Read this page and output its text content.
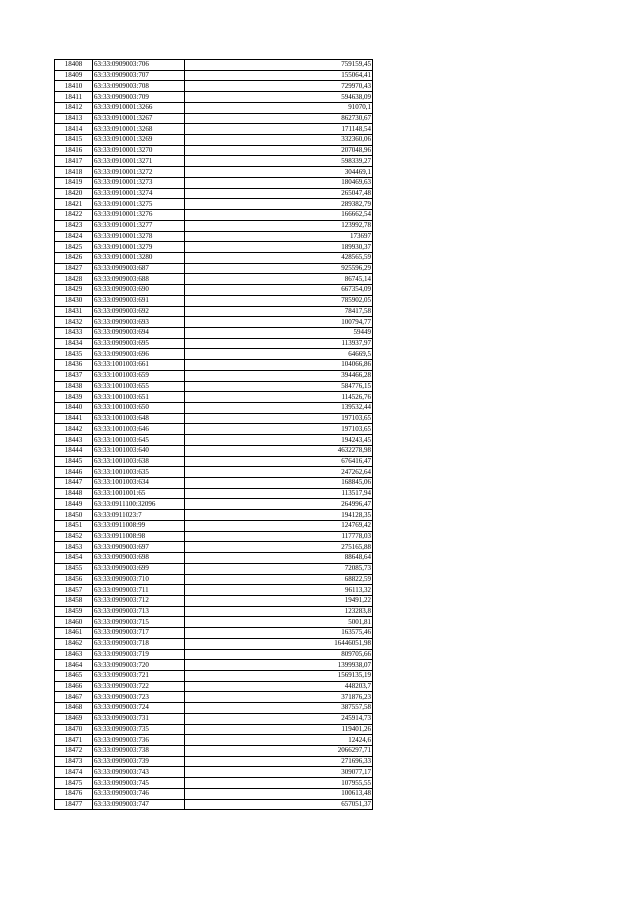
18408	63:33:0909003:706	759159,45
18409	63:33:0909003:707	155064,41
18410	63:33:0909003:708	729970,43
18411	63:33:0909003:709	594638,09
18412	63:33:0910001:3266	91070,1
18413	63:33:0910001:3267	862730,67
18414	63:33:0910001:3268	171148,54
18415	63:33:0910001:3269	332360,06
18416	63:33:0910001:3270	207048,96
18417	63:33:0910001:3271	598339,27
18418	63:33:0910001:3272	304469,1
18419	63:33:0910001:3273	180469,63
18420	63:33:0910001:3274	265047,48
18421	63:33:0910001:3275	289382,79
18422	63:33:0910001:3276	166662,54
18423	63:33:0910001:3277	123992,78
18424	63:33:0910001:3278	173697
18425	63:33:0910001:3279	189930,37
18426	63:33:0910001:3280	428565,59
18427	63:33:0909003:687	925596,29
18428	63:33:0909003:688	86745,14
18429	63:33:0909003:690	667354,09
18430	63:33:0909003:691	785902,05
18431	63:33:0909003:692	78417,58
18432	63:33:0909003:693	100794,77
18433	63:33:0909003:694	59449
18434	63:33:0909003:695	113937,97
18435	63:33:0909003:696	64669,5
18436	63:33:1001003:661	104066,86
18437	63:33:1001003:659	394466,28
18438	63:33:1001003:655	584776,15
18439	63:33:1001003:651	114526,76
18440	63:33:1001003:650	139532,44
18441	63:33:1001003:648	197103,65
18442	63:33:1001003:646	197103,65
18443	63:33:1001003:645	194243,45
18444	63:33:1001003:640	4632278,98
18445	63:33:1001003:638	676416,47
18446	63:33:1001003:635	247262,64
18447	63:33:1001003:634	168845,06
18448	63:33:1001001:65	113517,94
18449	63:33:0911100:32096	264996,47
18450	63:33:0911023:7	194128,35
18451	63:33:0911008:99	124769,42
18452	63:33:0911008:98	117778,03
18453	63:33:0909003:697	275165,88
18454	63:33:0909003:698	88648,64
18455	63:33:0909003:699	72085,73
18456	63:33:0909003:710	68822,59
18457	63:33:0909003:711	96113,32
18458	63:33:0909003:712	19491,22
18459	63:33:0909003:713	123283,8
18460	63:33:0909003:715	5001,81
18461	63:33:0909003:717	163575,46
18462	63:33:0909003:718	16446051,98
18463	63:33:0909003:719	809705,66
18464	63:33:0909003:720	1399938,07
18465	63:33:0909003:721	1569135,19
18466	63:33:0909003:722	448203,7
18467	63:33:0909003:723	371876,23
18468	63:33:0909003:724	387557,58
18469	63:33:0909003:731	245914,73
18470	63:33:0909003:735	119401,26
18471	63:33:0909003:736	12424,6
18472	63:33:0909003:738	2066297,71
18473	63:33:0909003:739	271696,33
18474	63:33:0909003:743	309077,17
18475	63:33:0909003:745	107955,55
18476	63:33:0909003:746	100613,48
18477	63:33:0909003:747	657051,37
